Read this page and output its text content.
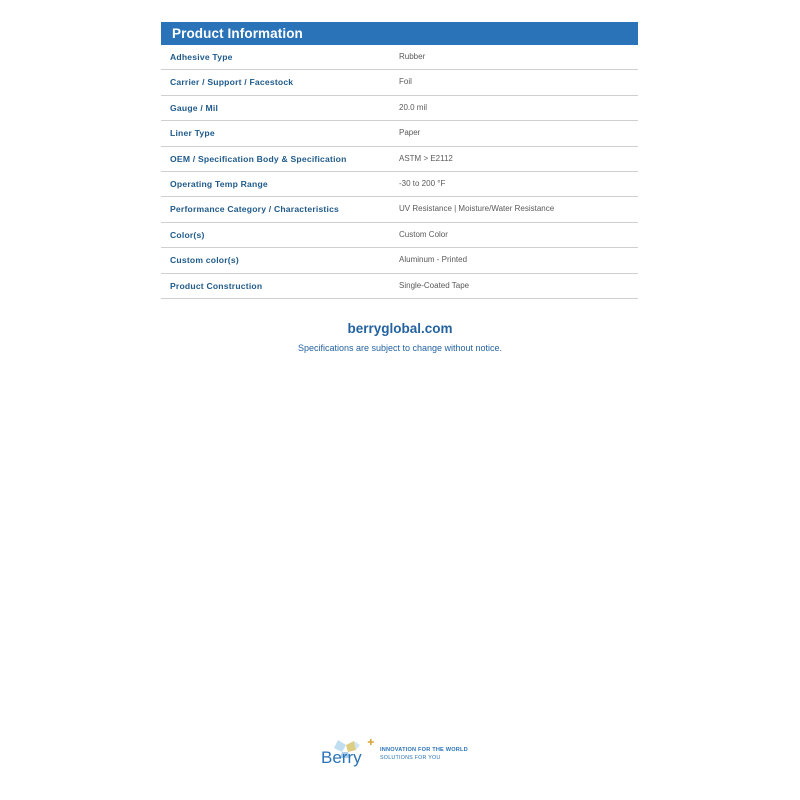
Product Information
Adhesive Type	Rubber
Carrier / Support / Facestock	Foil
Gauge / Mil	20.0 mil
Liner Type	Paper
OEM / Specification Body & Specification	ASTM > E2112
Operating Temp Range	-30 to 200 °F
Performance Category / Characteristics	UV Resistance | Moisture/Water Resistance
Color(s)	Custom Color
Custom color(s)	Aluminum - Printed
Product Construction	Single-Coated Tape
berryglobal.com
Specifications are subject to change without notice.
Berry	INNOVATION FOR THE WORLD
SOLUTIONS FOR YOU
